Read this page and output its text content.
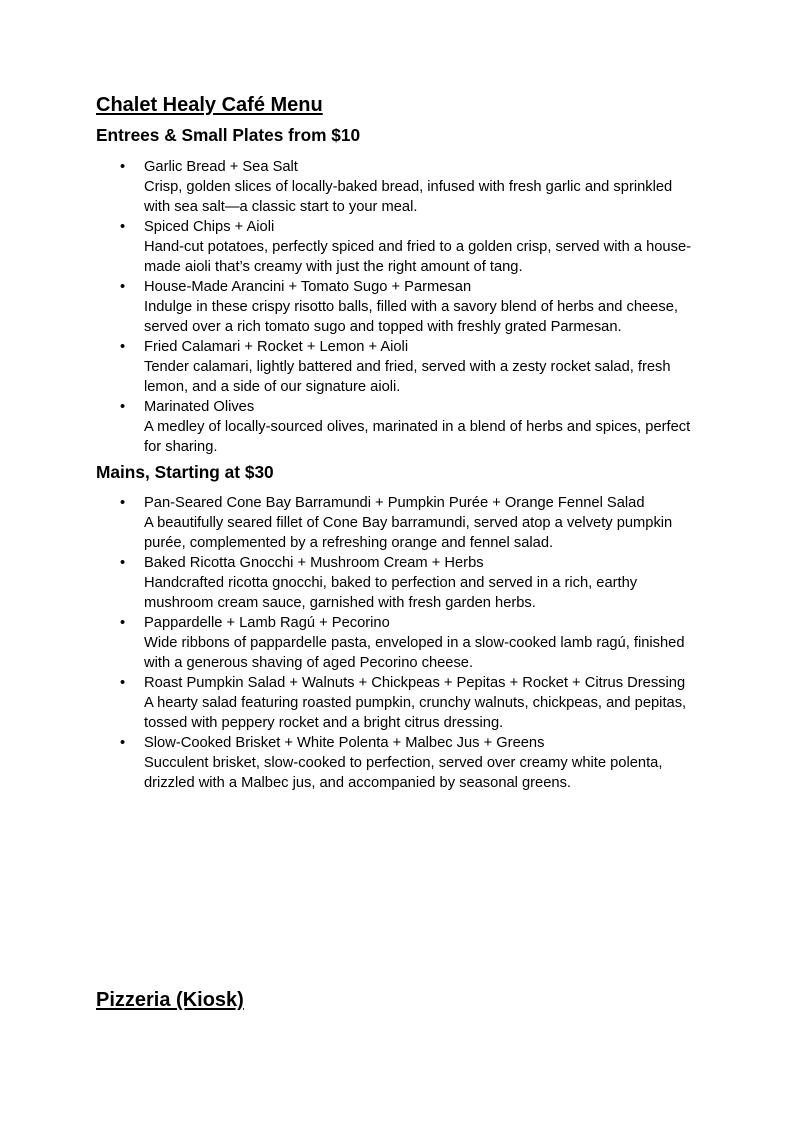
Chalet Healy Café Menu
Entrees & Small Plates from $10
•
Garlic Bread + Sea Salt
Crisp, golden slices of locally-baked bread, infused with fresh garlic and sprinkled with sea salt—a classic start to your meal.
•
Spiced Chips + Aioli
Hand-cut potatoes, perfectly spiced and fried to a golden crisp, served with a house-made aioli that’s creamy with just the right amount of tang.
•
House-Made Arancini + Tomato Sugo + Parmesan
Indulge in these crispy risotto balls, filled with a savory blend of herbs and cheese, served over a rich tomato sugo and topped with freshly grated Parmesan.
•
Fried Calamari + Rocket + Lemon + Aioli
Tender calamari, lightly battered and fried, served with a zesty rocket salad, fresh lemon, and a side of our signature aioli.
•
Marinated Olives
A medley of locally-sourced olives, marinated in a blend of herbs and spices, perfect for sharing.
Mains, Starting at $30
•
Pan-Seared Cone Bay Barramundi + Pumpkin Purée + Orange Fennel Salad
A beautifully seared fillet of Cone Bay barramundi, served atop a velvety pumpkin purée, complemented by a refreshing orange and fennel salad.
•
Baked Ricotta Gnocchi + Mushroom Cream + Herbs
Handcrafted ricotta gnocchi, baked to perfection and served in a rich, earthy mushroom cream sauce, garnished with fresh garden herbs.
•
Pappardelle + Lamb Ragú + Pecorino
Wide ribbons of pappardelle pasta, enveloped in a slow-cooked lamb ragú, finished with a generous shaving of aged Pecorino cheese.
•
Roast Pumpkin Salad + Walnuts + Chickpeas + Pepitas + Rocket + Citrus Dressing
A hearty salad featuring roasted pumpkin, crunchy walnuts, chickpeas, and pepitas, tossed with peppery rocket and a bright citrus dressing.
•
Slow-Cooked Brisket + White Polenta + Malbec Jus + Greens
Succulent brisket, slow-cooked to perfection, served over creamy white polenta, drizzled with a Malbec jus, and accompanied by seasonal greens.
Pizzeria (Kiosk)
